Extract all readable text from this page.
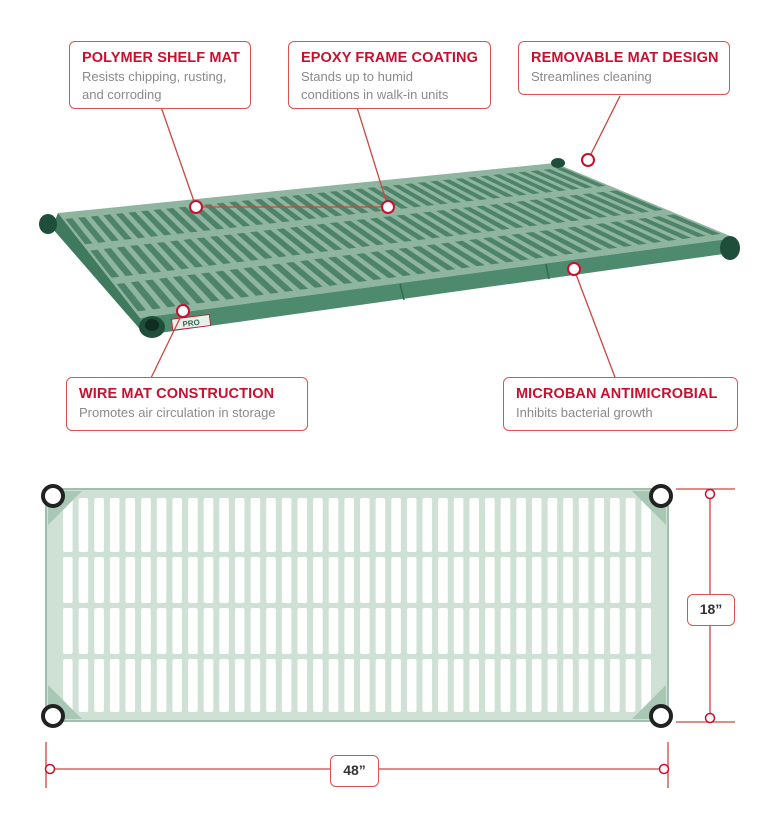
PRO
POLYMER SHELF MAT
Resists chipping, rusting,
and corroding
EPOXY FRAME COATING
Stands up to humid
conditions in walk-in units
REMOVABLE MAT DESIGN
Streamlines cleaning
WIRE MAT CONSTRUCTION
Promotes air circulation in storage
MICROBAN ANTIMICROBIAL
Inhibits bacterial growth
18”
48”
